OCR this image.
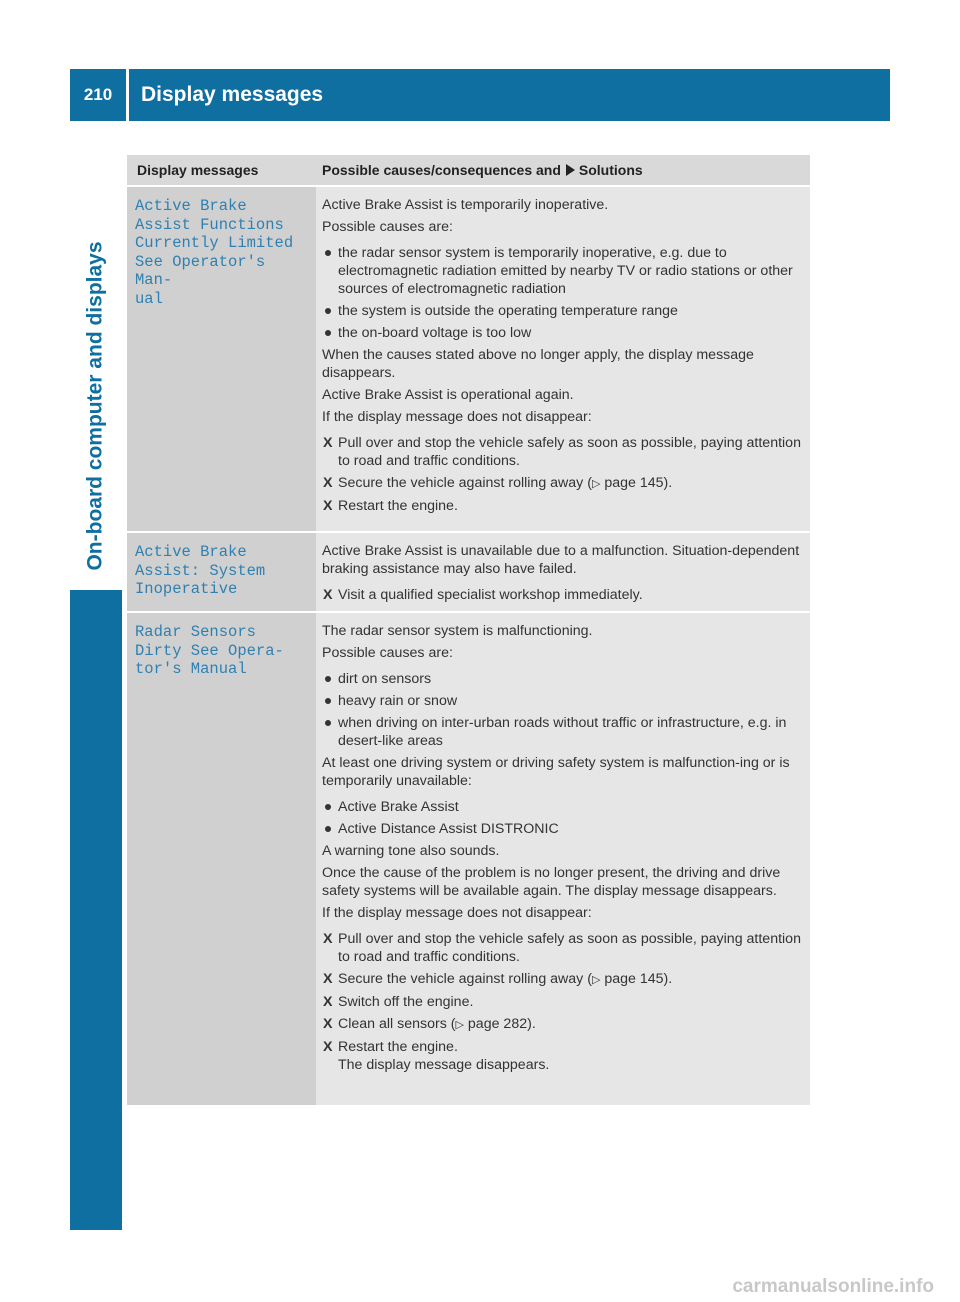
210	Display messages
On-board computer and displays
Display messages	Possible causes/consequences and Solutions
Active Brake
Assist Functions
Currently Limited
See Operator's Man‐
ual
Active Brake Assist is temporarily inoperative.
Possible causes are:
the radar sensor system is temporarily inoperative, e.g. due to electromagnetic radiation emitted by nearby TV or radio stations or other sources of electromagnetic radiation
the system is outside the operating temperature range
the on-board voltage is too low
When the causes stated above no longer apply, the display message disappears.
Active Brake Assist is operational again.
If the display message does not disappear:
X Pull over and stop the vehicle safely as soon as possible, paying attention to road and traffic conditions.
X Secure the vehicle against rolling away (▷ page 145).
X Restart the engine.
Active Brake
Assist: System
Inoperative
Active Brake Assist is unavailable due to a malfunction. Situation-dependent braking assistance may also have failed.
X Visit a qualified specialist workshop immediately.
Radar Sensors
Dirty See Opera‐
tor's Manual
The radar sensor system is malfunctioning.
Possible causes are:
dirt on sensors
heavy rain or snow
when driving on inter-urban roads without traffic or infrastructure, e.g. in desert-like areas
At least one driving system or driving safety system is malfunction‐ing or is temporarily unavailable:
Active Brake Assist
Active Distance Assist DISTRONIC
A warning tone also sounds.
Once the cause of the problem is no longer present, the driving and drive safety systems will be available again. The display message disappears.
If the display message does not disappear:
X Pull over and stop the vehicle safely as soon as possible, paying attention to road and traffic conditions.
X Secure the vehicle against rolling away (▷ page 145).
X Switch off the engine.
X Clean all sensors (▷ page 282).
X Restart the engine.
The display message disappears.
carmanualsonline.info
